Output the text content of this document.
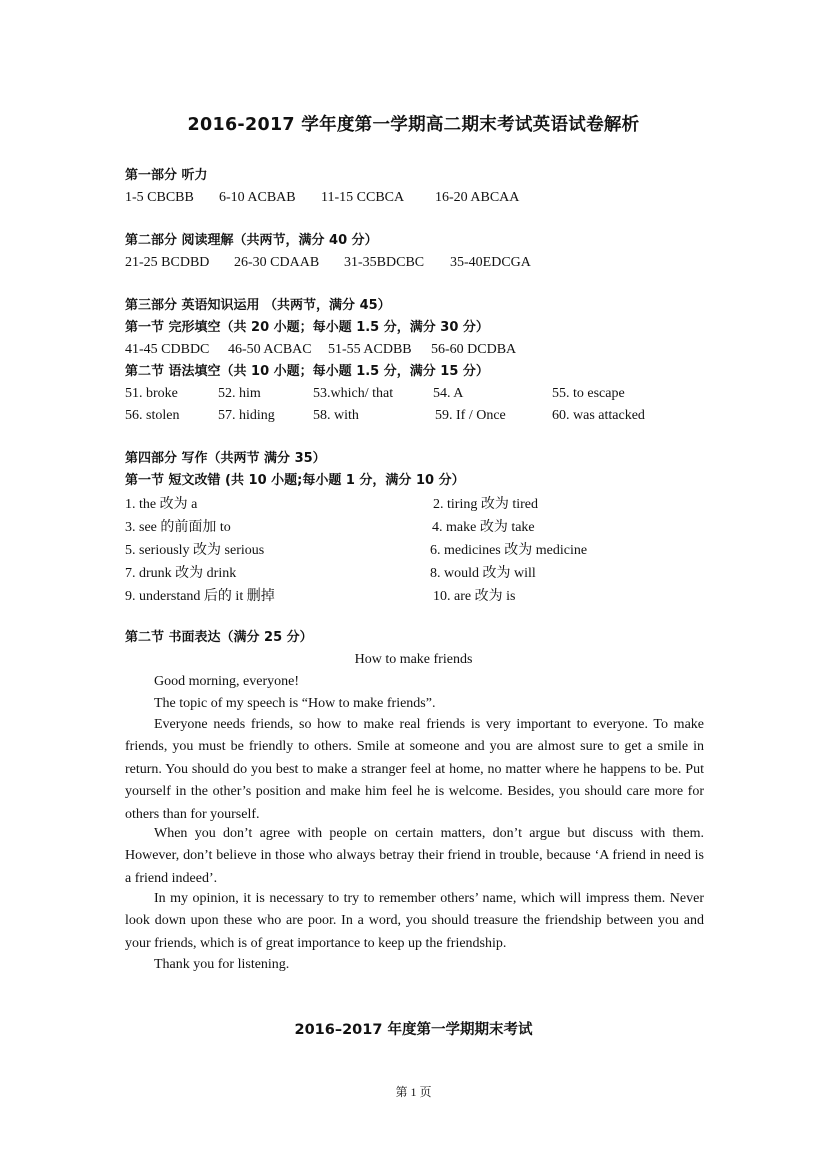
2016-2017 学年度第一学期高二期末考试英语试卷解析
第一部分 听力
1-5 CBCBB 6-10 ACBAB 11-15 CCBCA 16-20 ABCAA
第二部分 阅读理解（共两节，满分 40 分）
21-25 BCDBD 26-30 CDAAB 31-35BDCBC 35-40EDCGA
第三部分 英语知识运用 （共两节，满分 45）
第一节 完形填空（共 20 小题；每小题 1.5 分，满分 30 分）
41-45 CDBDC 46-50 ACBAC 51-55 ACDBB 56-60 DCDBA
第二节 语法填空（共 10 小题；每小题 1.5 分，满分 15 分）
51. broke	52. him	53.which/ that	54. A	55. to escape
56. stolen	57. hiding	58. with	59. If / Once	60. was attacked
第四部分 写作（共两节 满分 35）
第一节 短文改错 (共 10 小题;每小题 1 分，满分 10 分）
1. the 改为 a	2. tiring 改为 tired
3. see 的前面加 to	4. make 改为 take
5. seriously 改为 serious	6. medicines 改为 medicine
7. drunk 改为 drink	8. would 改为 will
9. understand 后的 it 删掉	10. are 改为 is
第二节 书面表达（满分 25 分）
How to make friends

Good morning, everyone!

The topic of my speech is “How to make friends”.

Everyone needs friends, so how to make real friends is very important to everyone. To make friends, you must be friendly to others. Smile at someone and you are almost sure to get a smile in return. You should do you best to make a stranger feel at home, no matter where he happens to be. Put yourself in the other’s position and make him feel he is welcome. Besides, you should care more for others than for yourself.

When you don’t agree with people on certain matters, don’t argue but discuss with them. However, don’t believe in those who always betray their friend in trouble, because ‘A friend in need is a friend indeed’.

In my opinion, it is necessary to try to remember others’ name, which will impress them. Never look down upon these who are poor. In a word, you should treasure the friendship between you and your friends, which is of great importance to keep up the friendship.

Thank you for listening.

2016–2017 年度第一学期期末考试
第 1 页
